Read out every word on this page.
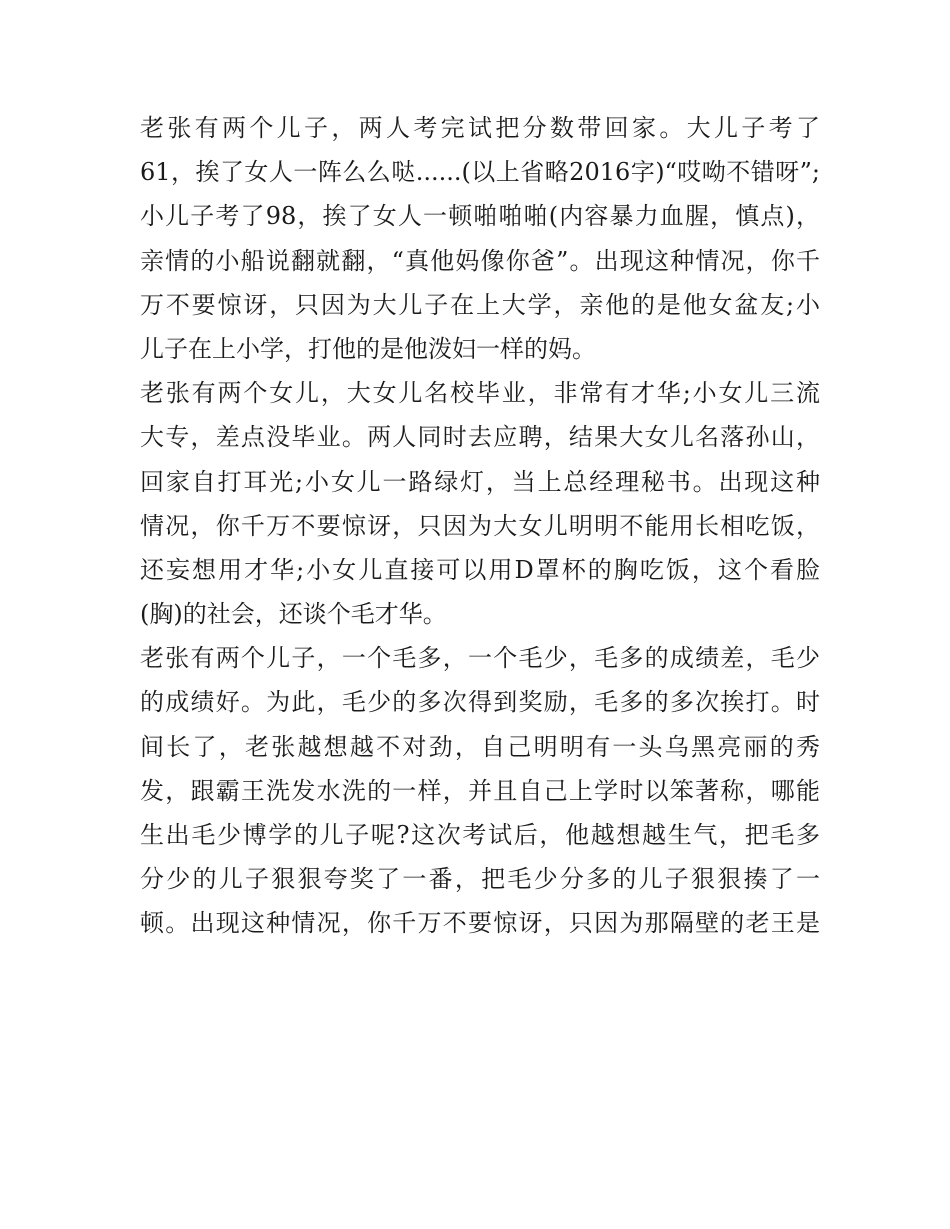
老张有两个儿子，两人考完试把分数带回家。大儿子考了
61，挨了女人一阵么么哒......(以上省略2016字)“哎呦不错呀”;
小儿子考了98，挨了女人一顿啪啪啪(内容暴力血腥，慎点)，
亲情的小船说翻就翻，“真他妈像你爸”。出现这种情况，你千
万不要惊讶，只因为大儿子在上大学，亲他的是他女盆友;小
儿子在上小学，打他的是他泼妇一样的妈。
老张有两个女儿，大女儿名校毕业，非常有才华;小女儿三流
大专，差点没毕业。两人同时去应聘，结果大女儿名落孙山，
回家自打耳光;小女儿一路绿灯，当上总经理秘书。出现这种
情况，你千万不要惊讶，只因为大女儿明明不能用长相吃饭，
还妄想用才华;小女儿直接可以用D罩杯的胸吃饭，这个看脸
(胸)的社会，还谈个毛才华。
老张有两个儿子，一个毛多，一个毛少，毛多的成绩差，毛少
的成绩好。为此，毛少的多次得到奖励，毛多的多次挨打。时
间长了，老张越想越不对劲，自己明明有一头乌黑亮丽的秀
发，跟霸王洗发水洗的一样，并且自己上学时以笨著称，哪能
生出毛少博学的儿子呢?这次考试后，他越想越生气，把毛多
分少的儿子狠狠夸奖了一番，把毛少分多的儿子狠狠揍了一
顿。出现这种情况，你千万不要惊讶，只因为那隔壁的老王是
